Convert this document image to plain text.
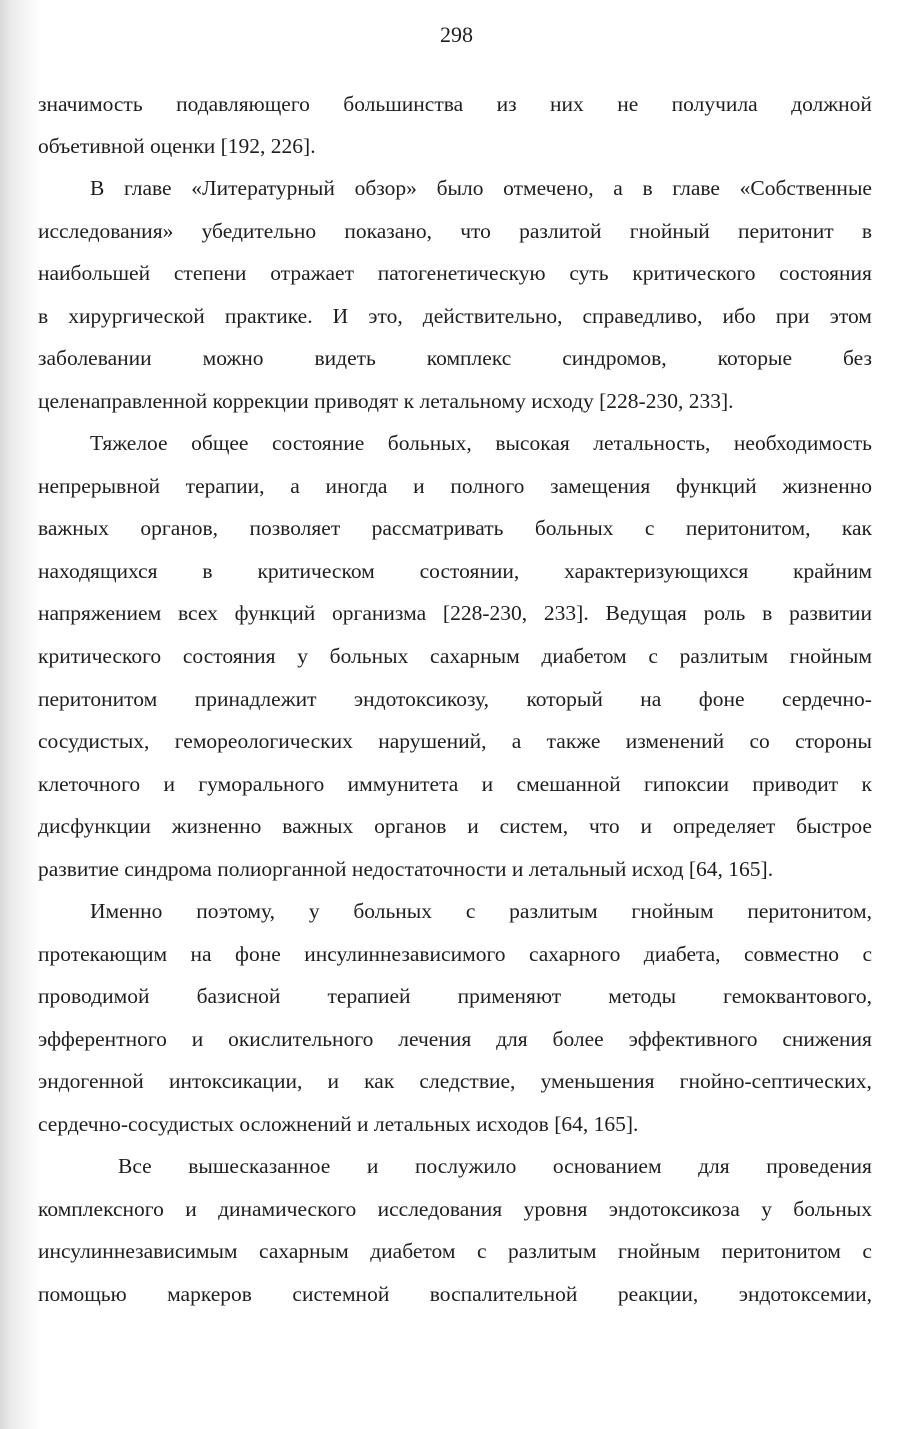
298
значимость подавляющего большинства из них не получила должной
объетивной оценки [192, 226].
В главе «Литературный обзор» было отмечено, а в главе «Собственные
исследования» убедительно показано, что разлитой гнойный перитонит в
наибольшей степени отражает патогенетическую суть критического состояния
в хирургической практике. И это, действительно, справедливо, ибо при этом
заболевании можно видеть комплекс синдромов, которые без
целенаправленной коррекции приводят к летальному исходу [228-230, 233].
Тяжелое общее состояние больных, высокая летальность, необходимость
непрерывной терапии, а иногда и полного замещения функций жизненно
важных органов, позволяет рассматривать больных с перитонитом, как
находящихся в критическом состоянии, характеризующихся крайним
напряжением всех функций организма [228-230, 233]. Ведущая роль в развитии
критического состояния у больных сахарным диабетом с разлитым гнойным
перитонитом принадлежит эндотоксикозу, который на фоне сердечно-
сосудистых, гемореологических нарушений, а также изменений со стороны
клеточного и гуморального иммунитета и смешанной гипоксии приводит к
дисфункции жизненно важных органов и систем, что и определяет быстрое
развитие синдрома полиорганной недостаточности и летальный исход [64, 165].
Именно поэтому, у больных с разлитым гнойным перитонитом,
протекающим на фоне инсулиннезависимого сахарного диабета, совместно с
проводимой базисной терапией применяют методы гемоквантового,
эфферентного и окислительного лечения для более эффективного снижения
эндогенной интоксикации, и как следствие, уменьшения гнойно-септических,
сердечно-сосудистых осложнений и летальных исходов [64, 165].
Все вышесказанное и послужило основанием для проведения
комплексного и динамического исследования уровня эндотоксикоза у больных
инсулиннезависимым сахарным диабетом с разлитым гнойным перитонитом с
помощью маркеров системной воспалительной реакции, эндотоксемии,
